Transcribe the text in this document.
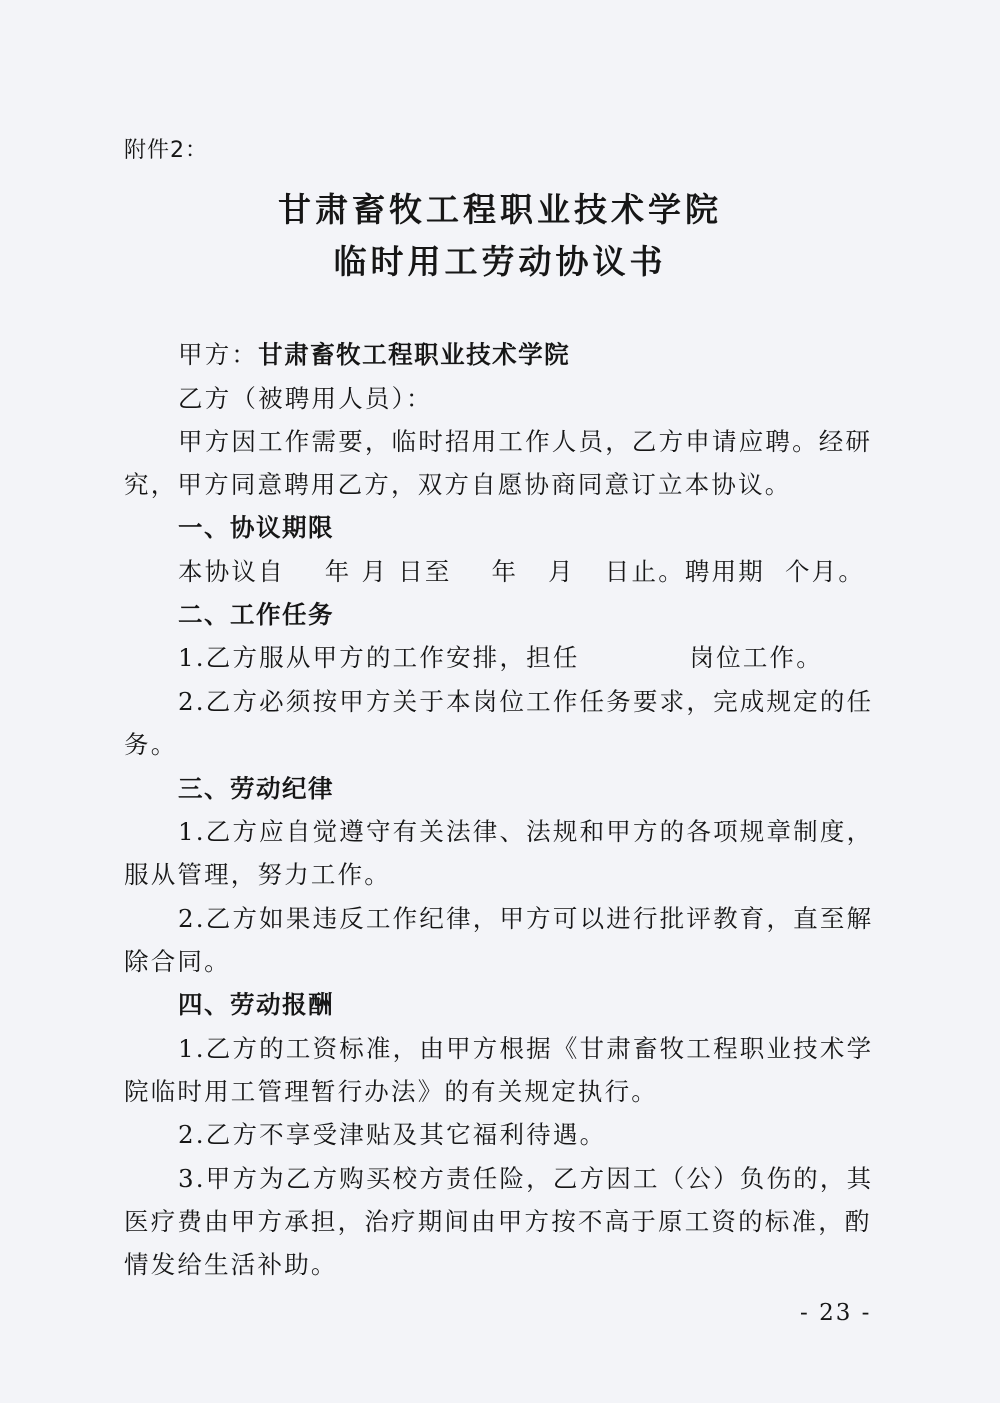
附件2：
甘肃畜牧工程职业技术学院
临时用工劳动协议书
甲方：甘肃畜牧工程职业技术学院
乙方（被聘用人员）：
甲方因工作需要，临时招用工作人员，乙方申请应聘。经研
究，甲方同意聘用乙方，双方自愿协商同意订立本协议。
一、协议期限
本协议自    年 月 日至    年   月   日止。聘用期  个月。
二、工作任务
1.乙方服从甲方的工作安排，担任           岗位工作。
2.乙方必须按甲方关于本岗位工作任务要求，完成规定的任
务。
三、劳动纪律
1.乙方应自觉遵守有关法律、法规和甲方的各项规章制度，
服从管理，努力工作。
2.乙方如果违反工作纪律，甲方可以进行批评教育，直至解
除合同。
四、劳动报酬
1.乙方的工资标准，由甲方根据《甘肃畜牧工程职业技术学
院临时用工管理暂行办法》的有关规定执行。
2.乙方不享受津贴及其它福利待遇。
3.甲方为乙方购买校方责任险，乙方因工（公）负伤的，其
医疗费由甲方承担，治疗期间由甲方按不高于原工资的标准，酌
情发给生活补助。
- 23 -
